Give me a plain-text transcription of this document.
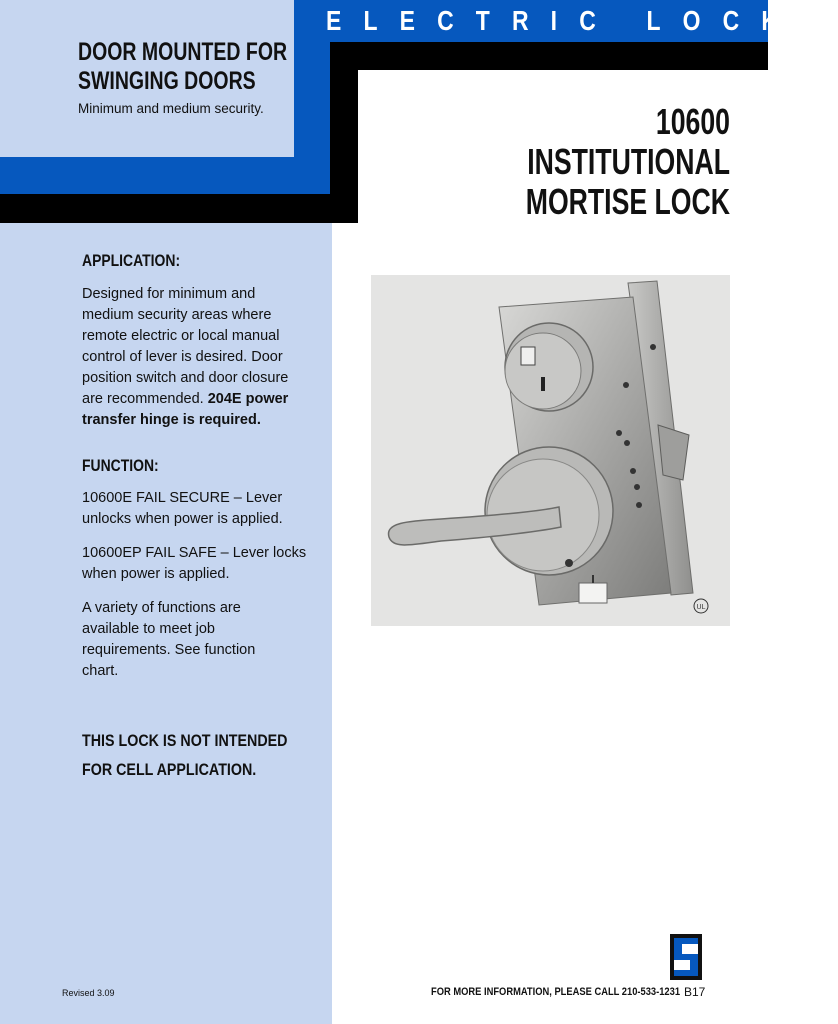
ELECTRIC LOCKS
DOOR MOUNTED FOR
SWINGING DOORS
Minimum and medium security.	10600
INSTITUTIONAL
MORTISE LOCK
APPLICATION:
Designed for minimum and medium security areas where remote electric or local manual control of lever is desired. Door position switch and door closure are recommended. 204E power transfer hinge is required.
FUNCTION:
10600E FAIL SECURE – Lever unlocks when power is applied.
10600EP FAIL SAFE – Lever locks when power is applied.
A variety of functions are available to meet job requirements. See function chart.
THIS LOCK IS NOT INTENDED
FOR CELL APPLICATION.
UL
Revised 3.09	FOR MORE INFORMATION, PLEASE CALL 210-533-1231 B17
